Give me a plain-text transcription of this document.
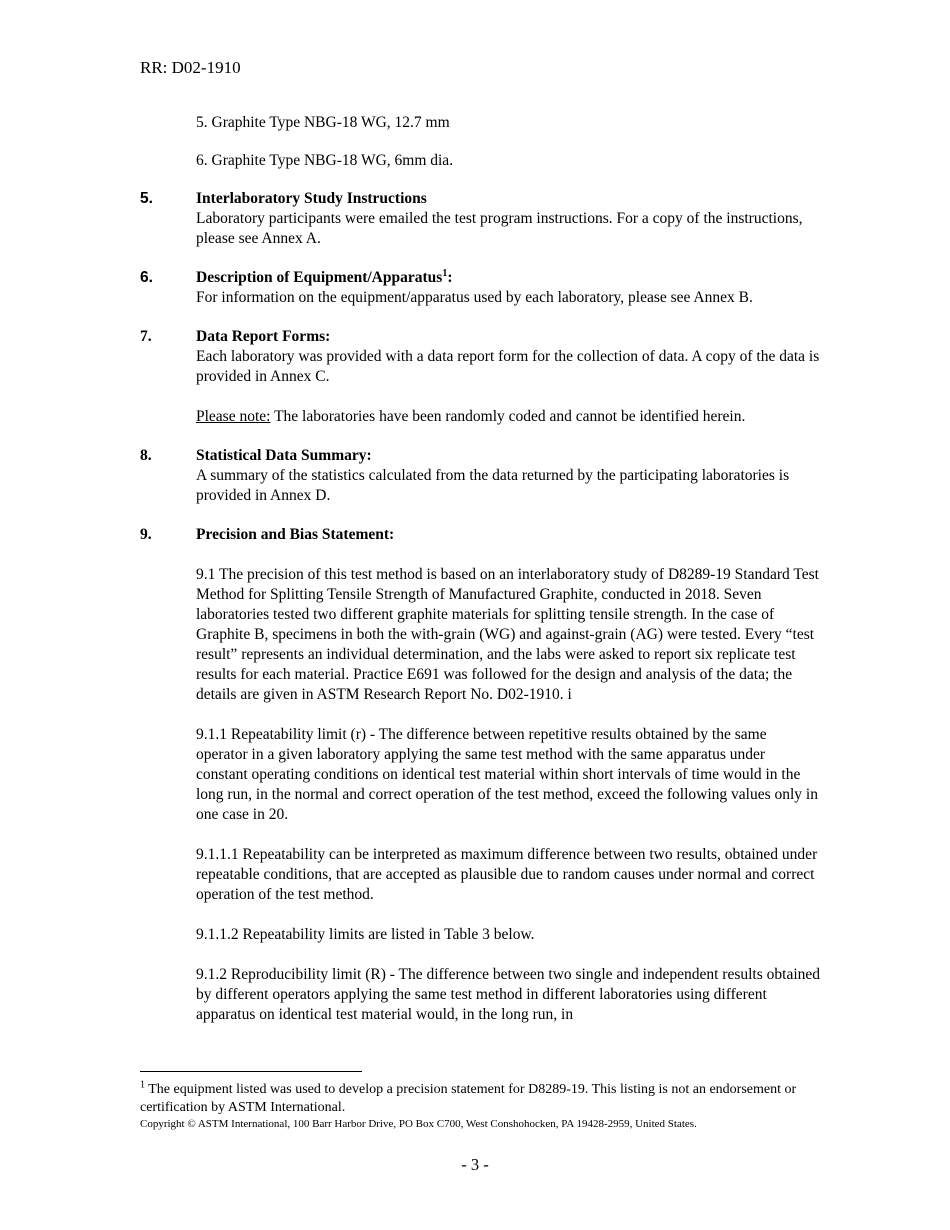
RR: D02-1910
5. Graphite Type NBG-18 WG, 12.7 mm
6. Graphite Type NBG-18 WG, 6mm dia.
5.	Interlaboratory Study Instructions
Laboratory participants were emailed the test program instructions. For a copy of the instructions, please see Annex A.
6.	Description of Equipment/Apparatus$^1$:
For information on the equipment/apparatus used by each laboratory, please see Annex B.
7.	Data Report Forms:
Each laboratory was provided with a data report form for the collection of data. A copy of the data is provided in Annex C.
Please note: The laboratories have been randomly coded and cannot be identified herein.
8.	Statistical Data Summary:
A summary of the statistics calculated from the data returned by the participating laboratories is provided in Annex D.
9.	Precision and Bias Statement:
9.1 The precision of this test method is based on an interlaboratory study of D8289-19 Standard Test Method for Splitting Tensile Strength of Manufactured Graphite, conducted in 2018. Seven laboratories tested two different graphite materials for splitting tensile strength. In the case of Graphite B, specimens in both the with-grain (WG) and against-grain (AG) were tested. Every “test result” represents an individual determination, and the labs were asked to report six replicate test results for each material. Practice E691 was followed for the design and analysis of the data; the details are given in ASTM Research Report No. D02-1910. i
9.1.1 Repeatability limit (r) - The difference between repetitive results obtained by the same operator in a given laboratory applying the same test method with the same apparatus under constant operating conditions on identical test material within short intervals of time would in the long run, in the normal and correct operation of the test method, exceed the following values only in one case in 20.
9.1.1.1 Repeatability can be interpreted as maximum difference between two results, obtained under repeatable conditions, that are accepted as plausible due to random causes under normal and correct operation of the test method.
9.1.1.2 Repeatability limits are listed in Table 3 below.
9.1.2 Reproducibility limit (R) - The difference between two single and independent results obtained by different operators applying the same test method in different laboratories using different apparatus on identical test material would, in the long run, in
$^1$ The equipment listed was used to develop a precision statement for D8289-19. This listing is not an endorsement or certification by ASTM International.
Copyright © ASTM International, 100 Barr Harbor Drive, PO Box C700, West Conshohocken, PA 19428-2959, United States.
- 3 -
